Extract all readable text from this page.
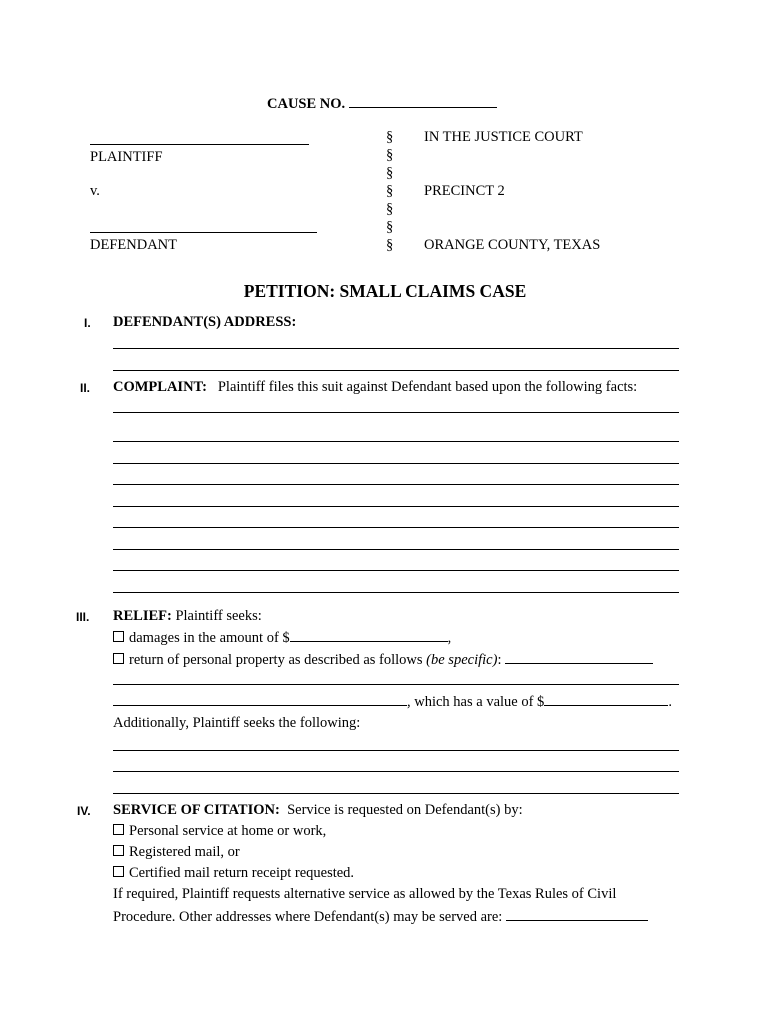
CAUSE NO.
PLAINTIFF
v.
DEFENDANT
§
§
§
§
§
§
§
IN THE JUSTICE COURT
PRECINCT 2
ORANGE COUNTY, TEXAS
PETITION: SMALL CLAIMS CASE
I. DEFENDANT(S) ADDRESS:
II. COMPLAINT: Plaintiff files this suit against Defendant based upon the following facts:
III. RELIEF: Plaintiff seeks:
damages in the amount of $	,
return of personal property as described as follows (be specific):
, which has a value of $	.
Additionally, Plaintiff seeks the following:
IV. SERVICE OF CITATION: Service is requested on Defendant(s) by:
Personal service at home or work,
Registered mail, or
Certified mail return receipt requested.
If required, Plaintiff requests alternative service as allowed by the Texas Rules of Civil
Procedure. Other addresses where Defendant(s) may be served are:
